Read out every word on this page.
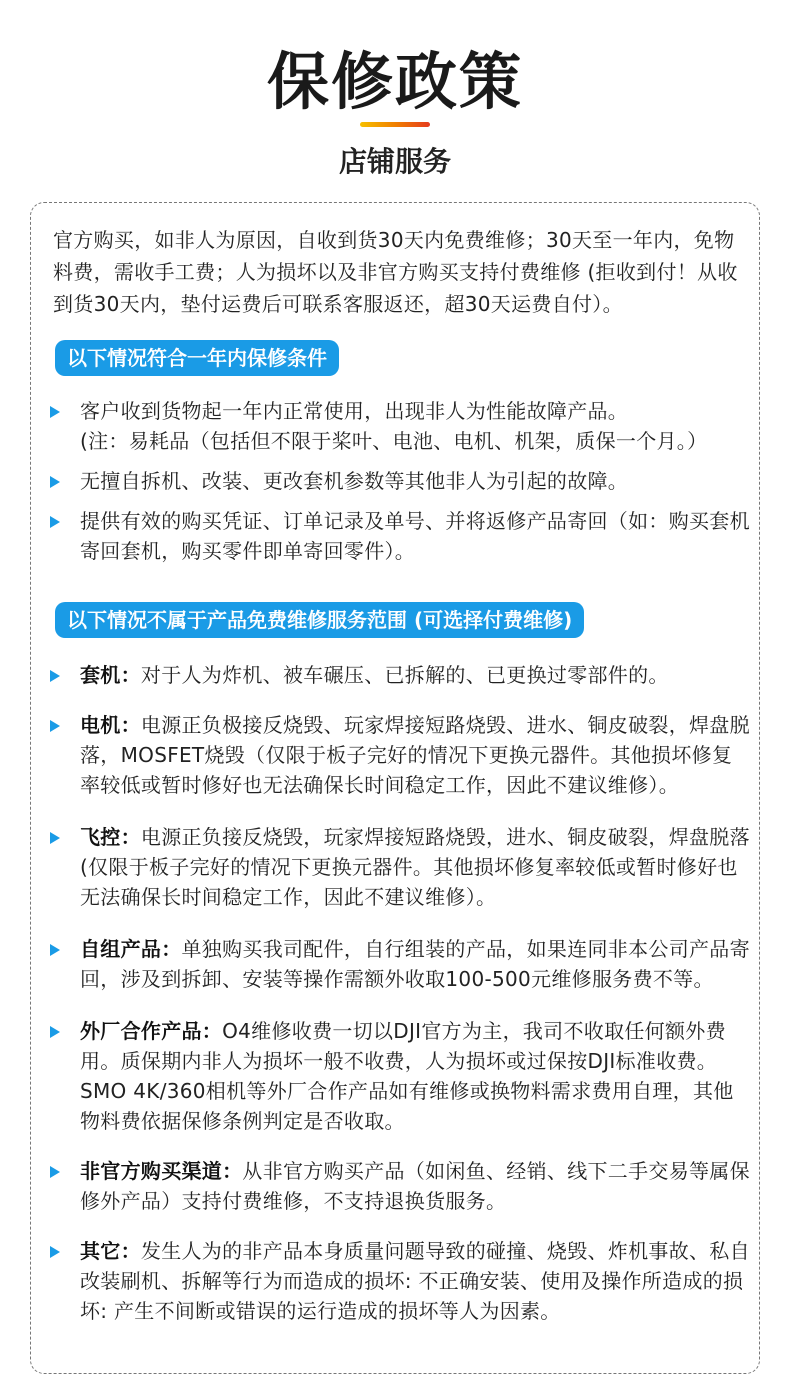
保修政策
店铺服务
官方购买，如非人为原因，自收到货30天内免费维修；30天至一年内，免物料费，需收手工费；人为损坏以及非官方购买支持付费维修 (拒收到付！从收到货30天内，垫付运费后可联系客服返还，超30天运费自付）。
以下情况符合一年内保修条件
客户收到货物起一年内正常使用，出现非人为性能故障产品。
(注：易耗品（包括但不限于桨叶、电池、电机、机架，质保一个月。）
无擅自拆机、改装、更改套机参数等其他非人为引起的故障。
提供有效的购买凭证、订单记录及单号、并将返修产品寄回（如：购买套机寄回套机，购买零件即单寄回零件）。
以下情况不属于产品免费维修服务范围 (可选择付费维修)
套机：对于人为炸机、被车碾压、已拆解的、已更换过零部件的。
电机：电源正负极接反烧毁、玩家焊接短路烧毁、进水、铜皮破裂，焊盘脱落，MOSFET烧毁（仅限于板子完好的情况下更换元器件。其他损坏修复率较低或暂时修好也无法确保长时间稳定工作，因此不建议维修）。
飞控：电源正负接反烧毁，玩家焊接短路烧毁，进水、铜皮破裂，焊盘脱落 (仅限于板子完好的情况下更换元器件。其他损坏修复率较低或暂时修好也无法确保长时间稳定工作，因此不建议维修）。
自组产品：单独购买我司配件，自行组装的产品，如果连同非本公司产品寄回，涉及到拆卸、安装等操作需额外收取100-500元维修服务费不等。
外厂合作产品：O4维修收费一切以DJI官方为主，我司不收取任何额外费用。质保期内非人为损坏一般不收费，人为损坏或过保按DJI标准收费。SMO 4K/360相机等外厂合作产品如有维修或换物料需求费用自理，其他物料费依据保修条例判定是否收取。
非官方购买渠道：从非官方购买产品（如闲鱼、经销、线下二手交易等属保修外产品）支持付费维修，不支持退换货服务。
其它：发生人为的非产品本身质量问题导致的碰撞、烧毁、炸机事故、私自改装刷机、拆解等行为而造成的损坏: 不正确安装、使用及操作所造成的损坏: 产生不间断或错误的运行造成的损坏等人为因素。
